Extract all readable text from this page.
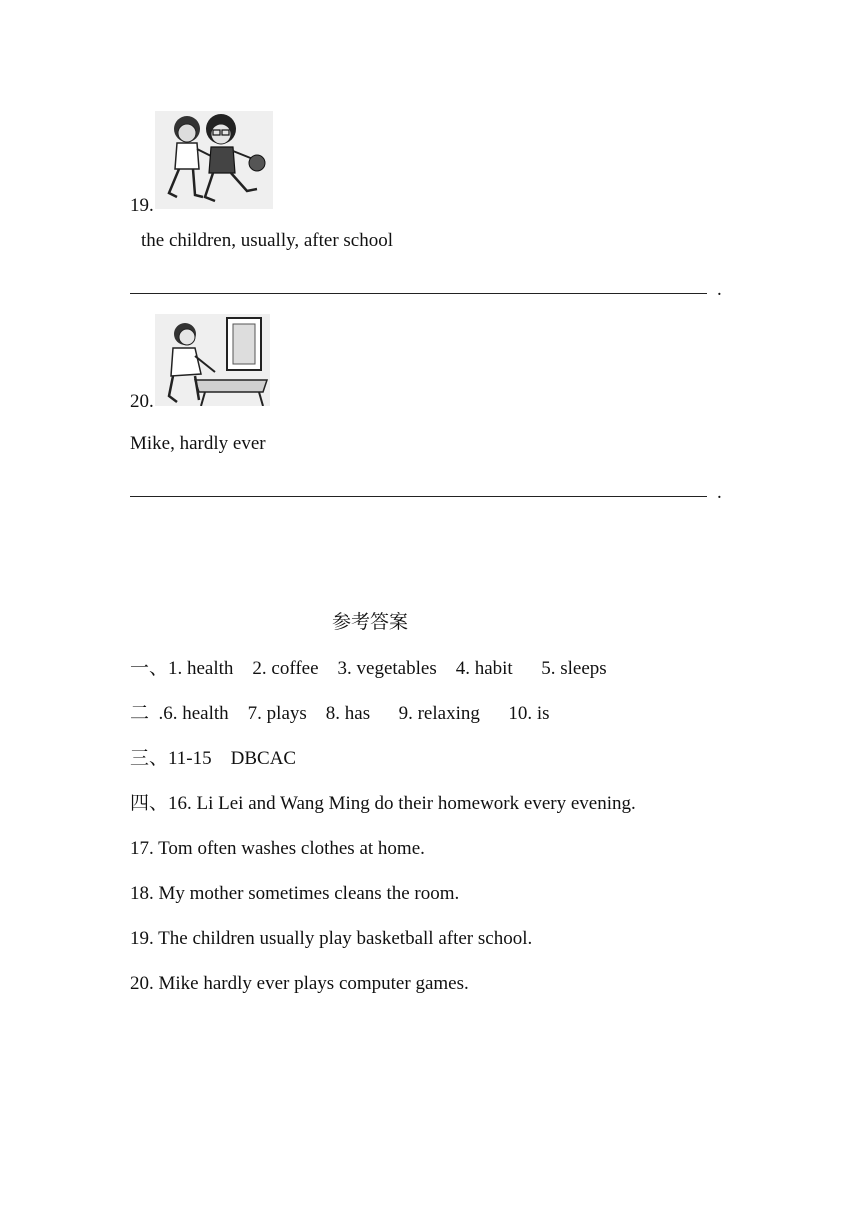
19.
the children, usually, after school
.
20.
Mike, hardly ever
.
参考答案
一、1. health    2. coffee    3. vegetables    4. habit      5. sleeps
二  .6. health    7. plays    8. has      9. relaxing      10. is
三、11-15    DBCAC
四、16. Li Lei and Wang Ming do their homework every evening.
17. Tom often washes clothes at home.
18. My mother sometimes cleans the room.
19. The children usually play basketball after school.
20. Mike hardly ever plays computer games.
